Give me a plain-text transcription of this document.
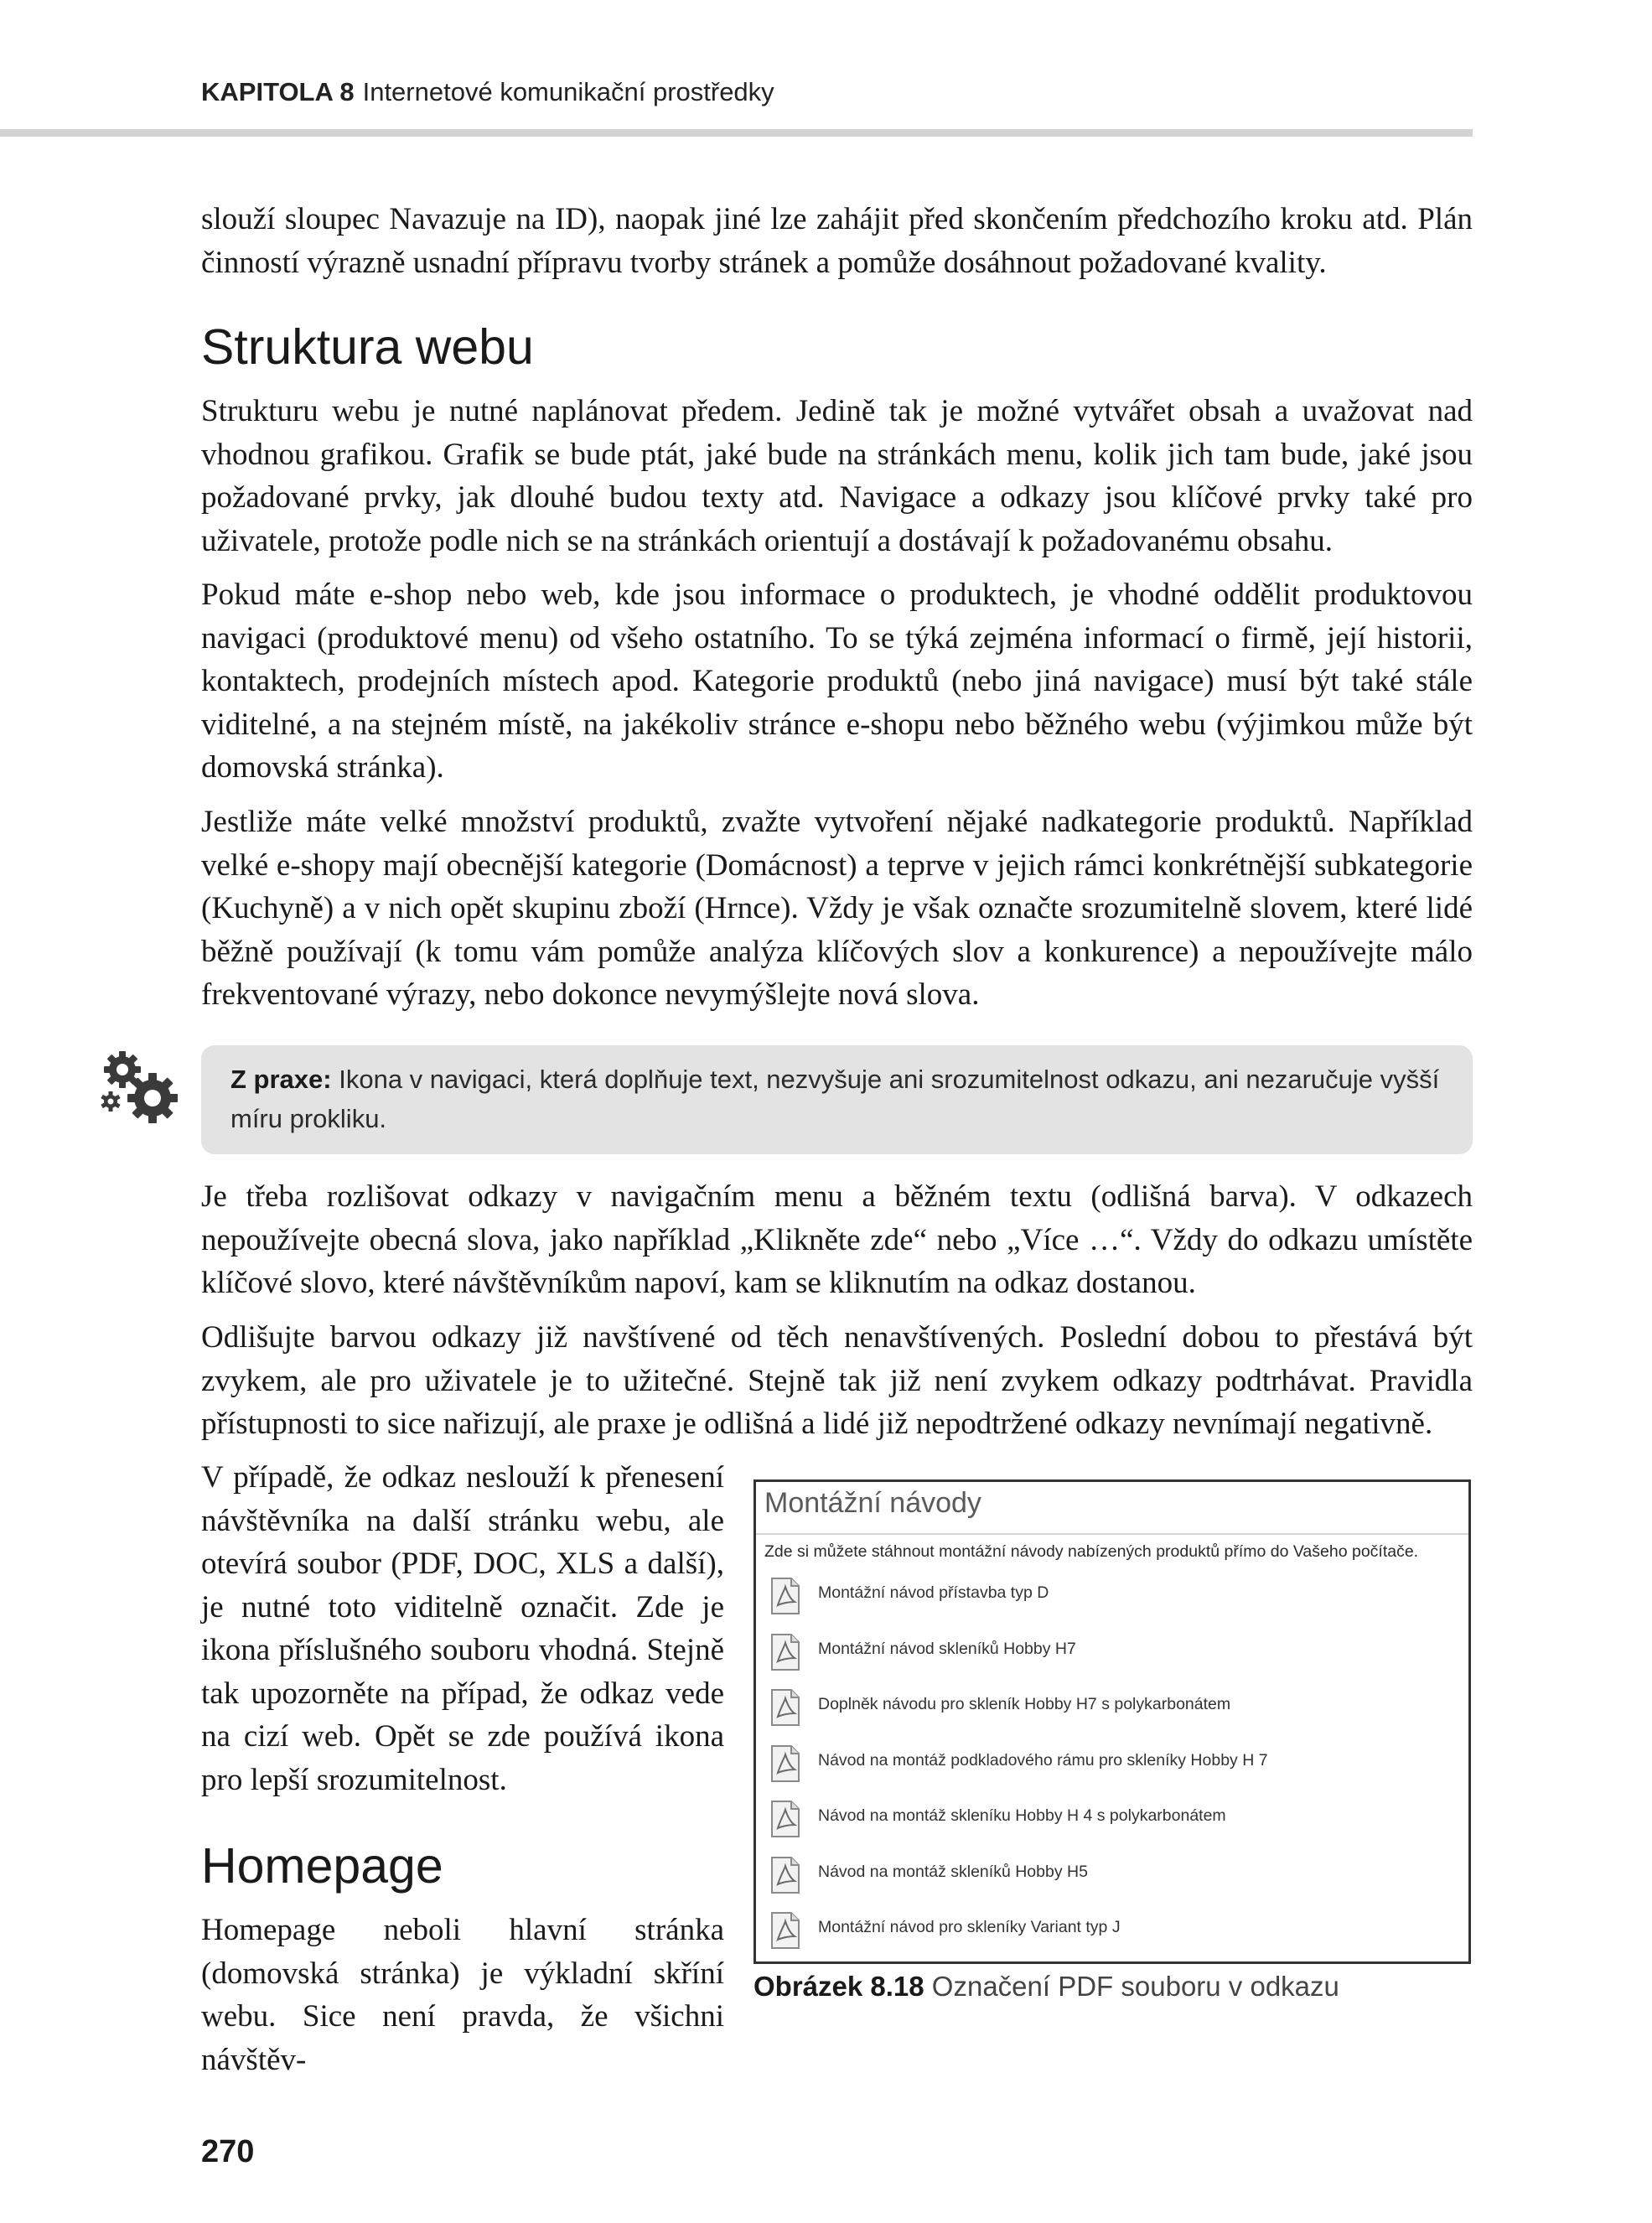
KAPITOLA 8 Internetové komunikační prostředky

slouží sloupec Navazuje na ID), naopak jiné lze zahájit před skončením předchozího kroku atd. Plán činností výrazně usnadní přípravu tvorby stránek a pomůže dosáhnout požadované kvality.

Struktura webu

Strukturu webu je nutné naplánovat předem. Jedině tak je možné vytvářet obsah a uvažovat nad vhodnou grafikou. Grafik se bude ptát, jaké bude na stránkách menu, kolik jich tam bude, jaké jsou požadované prvky, jak dlouhé budou texty atd. Navigace a odkazy jsou klíčové prvky také pro uživatele, protože podle nich se na stránkách orientují a dostávají k požadovanému obsahu.

Pokud máte e-shop nebo web, kde jsou informace o produktech, je vhodné oddělit produktovou navigaci (produktové menu) od všeho ostatního. To se týká zejména informací o firmě, její historii, kontaktech, prodejních místech apod. Kategorie produktů (nebo jiná navigace) musí být také stále viditelné, a na stejném místě, na jakékoliv stránce e-shopu nebo běžného webu (výjimkou může být domovská stránka).

Jestliže máte velké množství produktů, zvažte vytvoření nějaké nadkategorie produktů. Například velké e-shopy mají obecnější kategorie (Domácnost) a teprve v jejich rámci konkrétnější subkategorie (Kuchyně) a v nich opět skupinu zboží (Hrnce). Vždy je však označte srozumitelně slovem, které lidé běžně používají (k tomu vám pomůže analýza klíčových slov a konkurence) a nepoužívejte málo frekventované výrazy, nebo dokonce nevymýšlejte nová slova.

Z praxe: Ikona v navigaci, která doplňuje text, nezvyšuje ani srozumitelnost odkazu, ani nezaručuje vyšší míru prokliku.

Je třeba rozlišovat odkazy v navigačním menu a běžném textu (odlišná barva). V odkazech nepoužívejte obecná slova, jako například „Klikněte zde“ nebo „Více …“. Vždy do odkazu umístěte klíčové slovo, které návštěvníkům napoví, kam se kliknutím na odkaz dostanou.

Odlišujte barvou odkazy již navštívené od těch nenavštívených. Poslední dobou to přestává být zvykem, ale pro uživatele je to užitečné. Stejně tak již není zvykem odkazy podtrhávat. Pravidla přístupnosti to sice nařizují, ale praxe je odlišná a lidé již nepodtržené odkazy nevnímají negativně.

V případě, že odkaz neslouží k přenesení návštěvníka na další stránku webu, ale otevírá soubor (PDF, DOC, XLS a další), je nutné toto viditelně označit. Zde je ikona příslušného souboru vhodná. Stejně tak upozorněte na případ, že odkaz vede na cizí web. Opět se zde používá ikona pro lepší srozumitelnost.

Homepage

Homepage neboli hlavní stránka (domovská stránka) je výkladní skříní webu. Sice není pravda, že všichni návštěv-

Montážní návody
Zde si můžete stáhnout montážní návody nabízených produktů přímo do Vašeho počítače.
Montážní návod přístavba typ D
Montážní návod skleníků Hobby H7
Doplněk návodu pro skleník Hobby H7 s polykarbonátem
Návod na montáž podkladového rámu pro skleníky Hobby H 7
Návod na montáž skleníku Hobby H 4 s polykarbonátem
Návod na montáž skleníků Hobby H5
Montážní návod pro skleníky Variant typ J
Obrázek 8.18 Označení PDF souboru v odkazu
270
